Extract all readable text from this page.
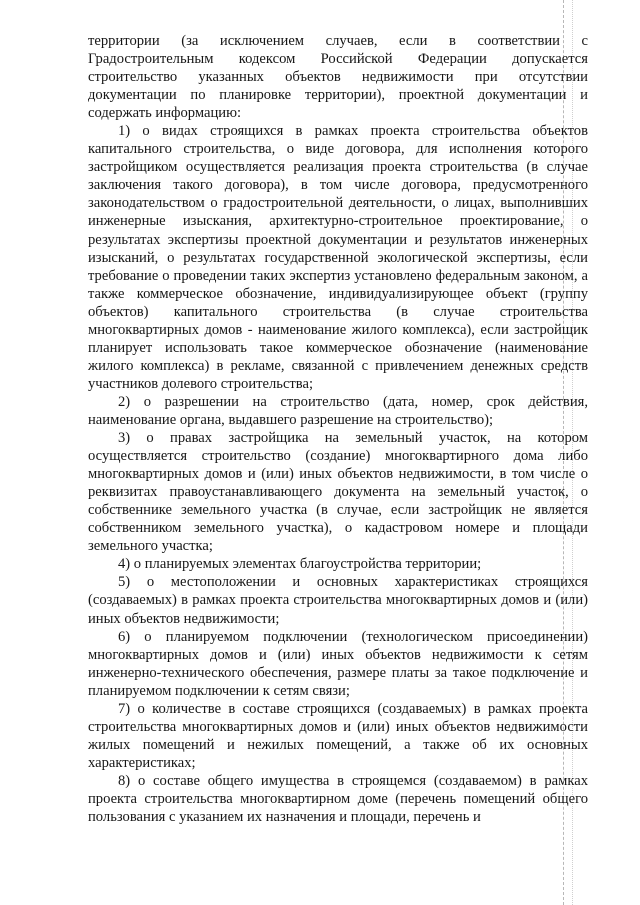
территории (за исключением случаев, если в соответствии с Градостроительным кодексом Российской Федерации допускается строительство указанных объектов недвижимости при отсутствии документации по планировке территории), проектной документации и содержать информацию:

1) о видах строящихся в рамках проекта строительства объектов капитального строительства, о виде договора, для исполнения которого застройщиком осуществляется реализация проекта строительства (в случае заключения такого договора), в том числе договора, предусмотренного законодательством о градостроительной деятельности, о лицах, выполнивших инженерные изыскания, архитектурно-строительное проектирование, о результатах экспертизы проектной документации и результатов инженерных изысканий, о результатах государственной экологической экспертизы, если требование о проведении таких экспертиз установлено федеральным законом, а также коммерческое обозначение, индивидуализирующее объект (группу объектов) капитального строительства (в случае строительства многоквартирных домов - наименование жилого комплекса), если застройщик планирует использовать такое коммерческое обозначение (наименование жилого комплекса) в рекламе, связанной с привлечением денежных средств участников долевого строительства;

2) о разрешении на строительство (дата, номер, срок действия, наименование органа, выдавшего разрешение на строительство);

3) о правах застройщика на земельный участок, на котором осуществляется строительство (создание) многоквартирного дома либо многоквартирных домов и (или) иных объектов недвижимости, в том числе о реквизитах правоустанавливающего документа на земельный участок, о собственнике земельного участка (в случае, если застройщик не является собственником земельного участка), о кадастровом номере и площади земельного участка;

4) о планируемых элементах благоустройства территории;

5) о местоположении и основных характеристиках строящихся (создаваемых) в рамках проекта строительства многоквартирных домов и (или) иных объектов недвижимости;

6) о планируемом подключении (технологическом присоединении) многоквартирных домов и (или) иных объектов недвижимости к сетям инженерно-технического обеспечения, размере платы за такое подключение и планируемом подключении к сетям связи;

7) о количестве в составе строящихся (создаваемых) в рамках проекта строительства многоквартирных домов и (или) иных объектов недвижимости жилых помещений и нежилых помещений, а также об их основных характеристиках;

8) о составе общего имущества в строящемся (создаваемом) в рамках проекта строительства многоквартирном доме (перечень помещений общего пользования с указанием их назначения и площади, перечень и
